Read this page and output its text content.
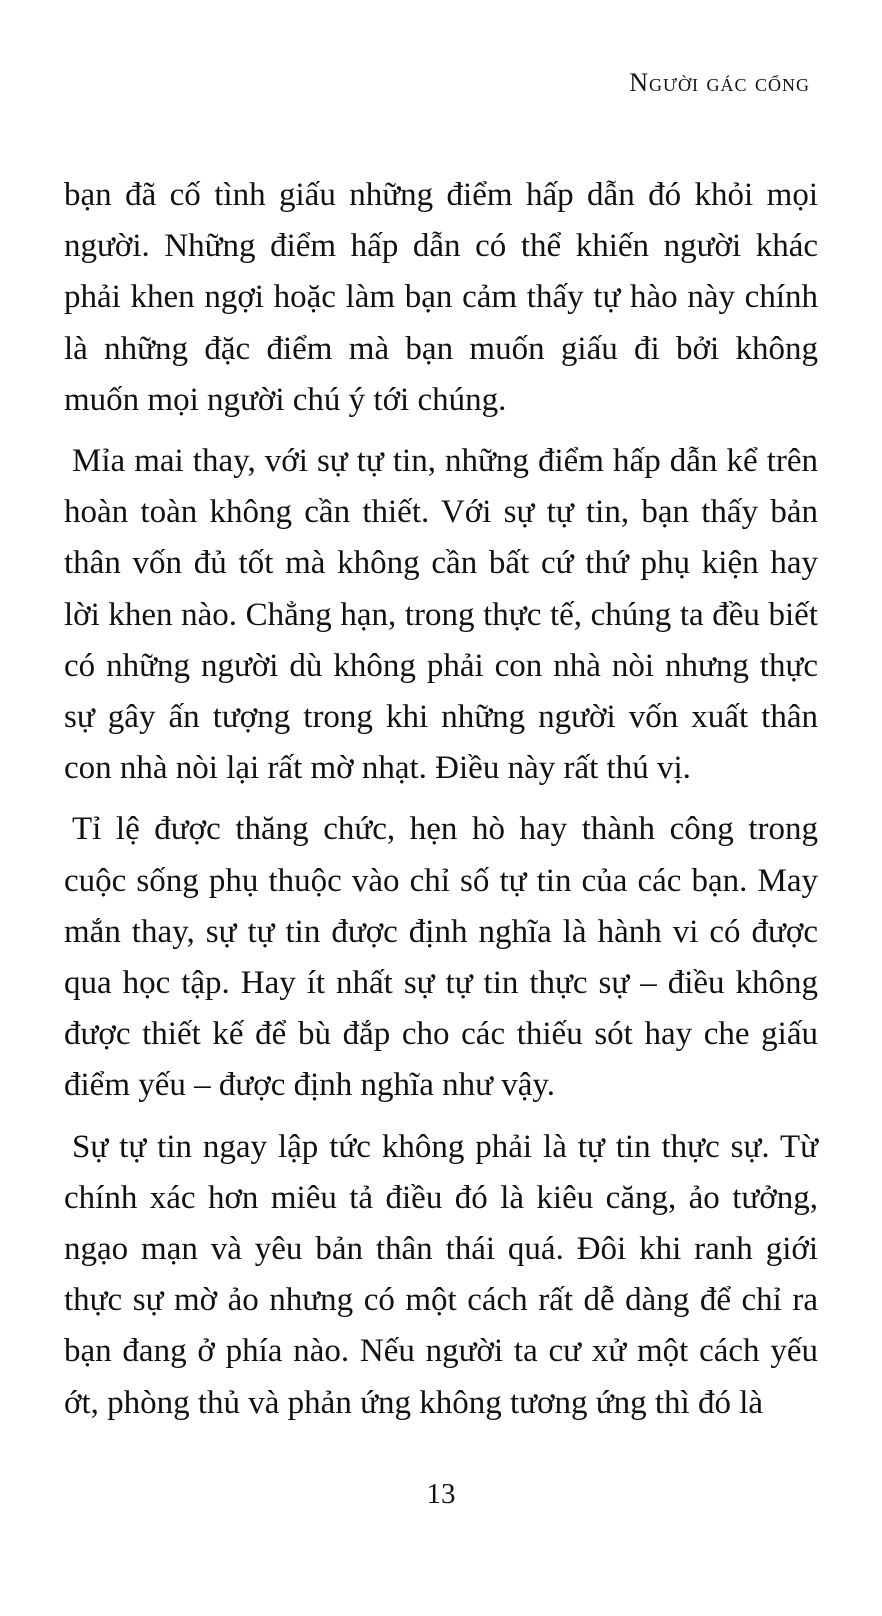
Người gác cổng

bạn đã cố tình giấu những điểm hấp dẫn đó khỏi mọi người. Những điểm hấp dẫn có thể khiến người khác phải khen ngợi hoặc làm bạn cảm thấy tự hào này chính là những đặc điểm mà bạn muốn giấu đi bởi không muốn mọi người chú ý tới chúng.

Mỉa mai thay, với sự tự tin, những điểm hấp dẫn kể trên hoàn toàn không cần thiết. Với sự tự tin, bạn thấy bản thân vốn đủ tốt mà không cần bất cứ thứ phụ kiện hay lời khen nào. Chẳng hạn, trong thực tế, chúng ta đều biết có những người dù không phải con nhà nòi nhưng thực sự gây ấn tượng trong khi những người vốn xuất thân con nhà nòi lại rất mờ nhạt. Điều này rất thú vị.

Tỉ lệ được thăng chức, hẹn hò hay thành công trong cuộc sống phụ thuộc vào chỉ số tự tin của các bạn. May mắn thay, sự tự tin được định nghĩa là hành vi có được qua học tập. Hay ít nhất sự tự tin thực sự – điều không được thiết kế để bù đắp cho các thiếu sót hay che giấu điểm yếu – được định nghĩa như vậy.

Sự tự tin ngay lập tức không phải là tự tin thực sự. Từ chính xác hơn miêu tả điều đó là kiêu căng, ảo tưởng, ngạo mạn và yêu bản thân thái quá. Đôi khi ranh giới thực sự mờ ảo nhưng có một cách rất dễ dàng để chỉ ra bạn đang ở phía nào. Nếu người ta cư xử một cách yếu ớt, phòng thủ và phản ứng không tương ứng thì đó là

13
